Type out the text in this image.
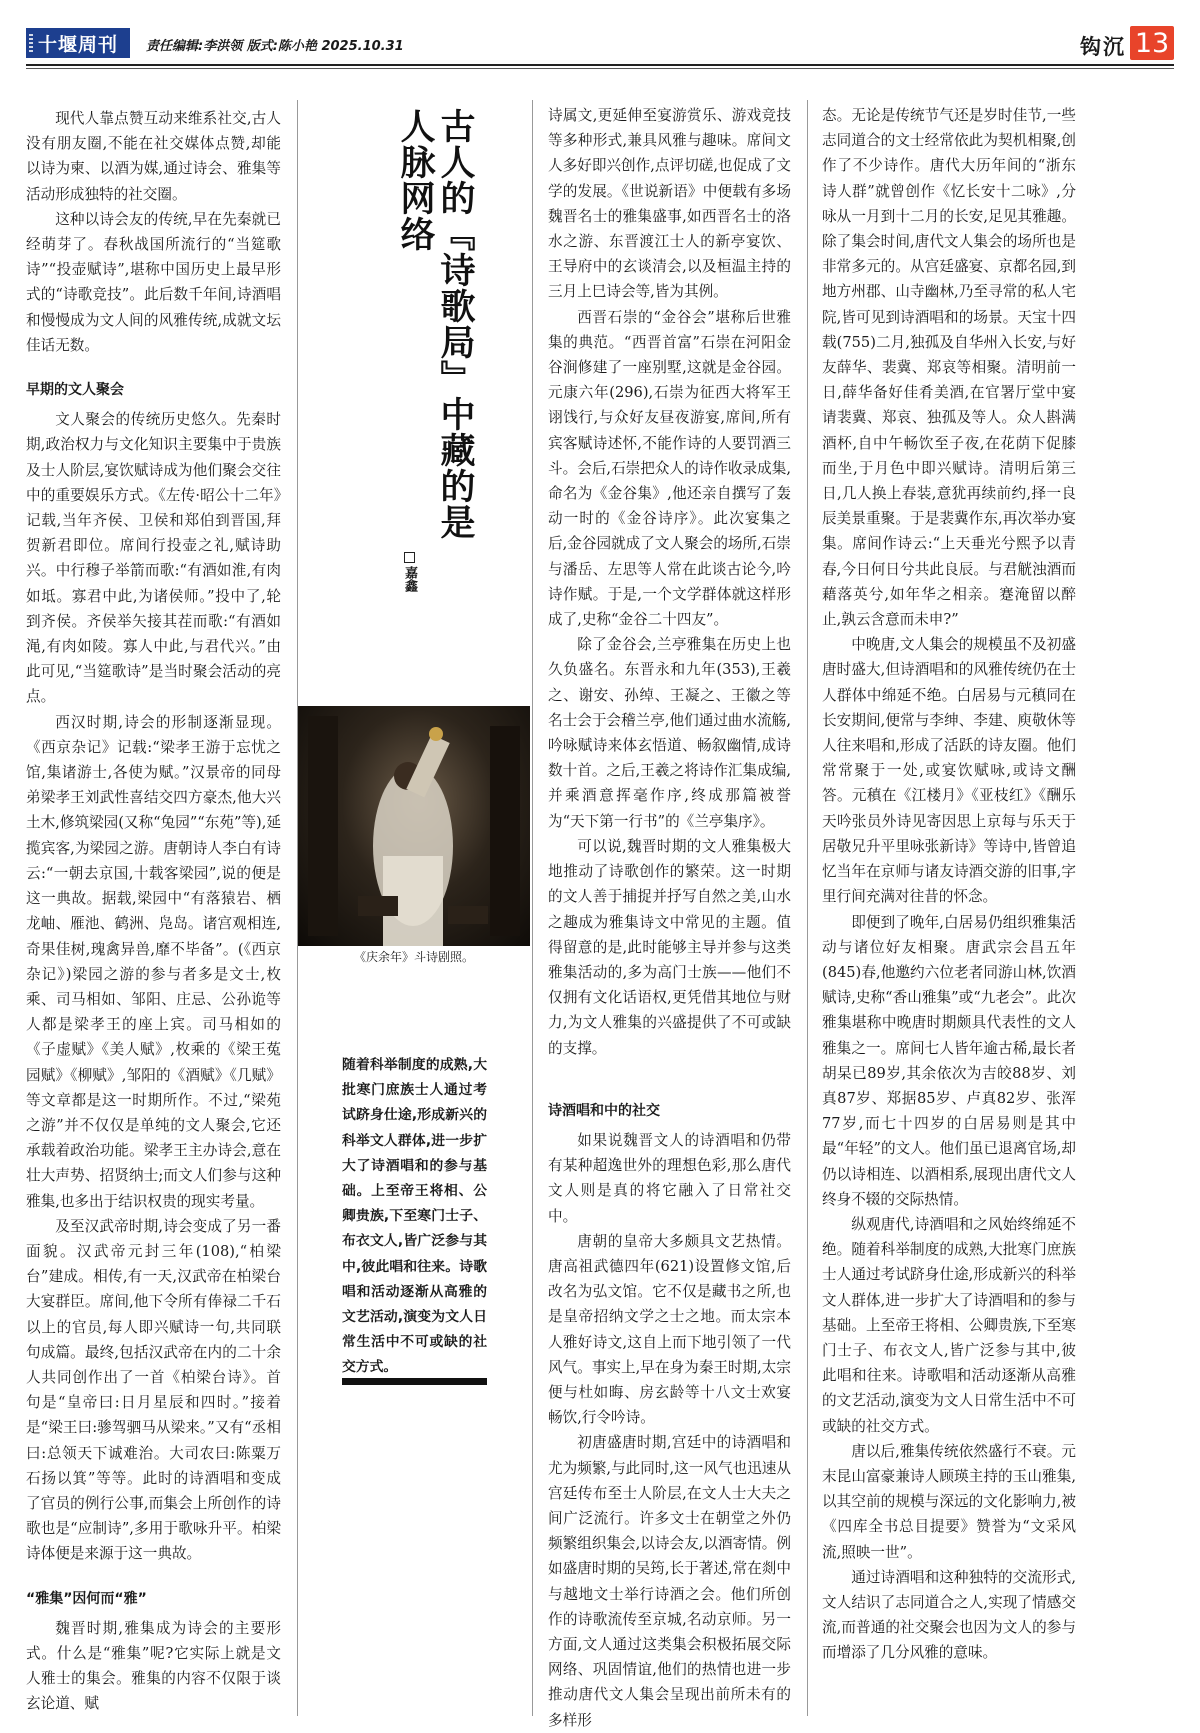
十堰周刊 责任编辑:李洪领 版式:陈小艳 2025.10.31	钩沉 13

现代人靠点赞互动来维系社交,古人没有朋友圈,不能在社交媒体点赞,却能以诗为柬、以酒为媒,通过诗会、雅集等活动形成独特的社交圈。

这种以诗会友的传统,早在先秦就已经萌芽了。春秋战国所流行的“当筵歌诗”“投壶赋诗”,堪称中国历史上最早形式的“诗歌竞技”。此后数千年间,诗酒唱和慢慢成为文人间的风雅传统,成就文坛佳话无数。

早期的文人聚会

文人聚会的传统历史悠久。先秦时期,政治权力与文化知识主要集中于贵族及士人阶层,宴饮赋诗成为他们聚会交往中的重要娱乐方式。《左传·昭公十二年》记载,当年齐侯、卫侯和郑伯到晋国,拜贺新君即位。席间行投壶之礼,赋诗助兴。中行穆子举箭而歌:“有酒如淮,有肉如坻。寡君中此,为诸侯师。”投中了,轮到齐侯。齐侯举矢接其茬而歌:“有酒如渑,有肉如陵。寡人中此,与君代兴。”由此可见,“当筵歌诗”是当时聚会活动的亮点。

西汉时期,诗会的形制逐渐显现。《西京杂记》记载:“梁孝王游于忘忧之馆,集诸游士,各使为赋。”汉景帝的同母弟梁孝王刘武性喜结交四方豪杰,他大兴土木,修筑梁园(又称“兔园”“东苑”等),延揽宾客,为梁园之游。唐朝诗人李白有诗云:“一朝去京国,十载客梁园”,说的便是这一典故。据载,梁园中“有落猿岩、栖龙岫、雁池、鹤洲、凫岛。诸宫观相连,奇果佳树,瑰禽异兽,靡不毕备”。(《西京杂记》)梁园之游的参与者多是文士,枚乘、司马相如、邹阳、庄忌、公孙诡等人都是梁孝王的座上宾。司马相如的《子虚赋》《美人赋》,枚乘的《梁王菟园赋》《柳赋》,邹阳的《酒赋》《几赋》等文章都是这一时期所作。不过,“梁苑之游”并不仅仅是单纯的文人聚会,它还承载着政治功能。梁孝王主办诗会,意在壮大声势、招贤纳士;而文人们参与这种雅集,也多出于结识权贵的现实考量。

及至汉武帝时期,诗会变成了另一番面貌。汉武帝元封三年(108),“柏梁台”建成。相传,有一天,汉武帝在柏梁台大宴群臣。席间,他下令所有俸禄二千石以上的官员,每人即兴赋诗一句,共同联句成篇。最终,包括汉武帝在内的二十余人共同创作出了一首《柏梁台诗》。首句是“皇帝曰:日月星辰和四时。”接着是“梁王曰:骖驾驷马从梁来。”又有“丞相曰:总领天下诚难治。大司农曰:陈粟万石扬以箕”等等。此时的诗酒唱和变成了官员的例行公事,而集会上所创作的诗歌也是“应制诗”,多用于歌咏升平。柏梁诗体便是来源于这一典故。

“雅集”因何而“雅”

魏晋时期,雅集成为诗会的主要形式。什么是“雅集”呢?它实际上就是文人雅士的集会。雅集的内容不仅限于谈玄论道、赋

古人的『诗歌局』中藏的是人脉网络
嘉鑫
《庆余年》斗诗剧照。
随着科举制度的成熟,大批寒门庶族士人通过考试跻身仕途,形成新兴的科举文人群体,进一步扩大了诗酒唱和的参与基础。上至帝王将相、公卿贵族,下至寒门士子、布衣文人,皆广泛参与其中,彼此唱和往来。诗歌唱和活动逐渐从高雅的文艺活动,演变为文人日常生活中不可或缺的社交方式。

诗属文,更延伸至宴游赏乐、游戏竞技等多种形式,兼具风雅与趣味。席间文人多好即兴创作,点评切磋,也促成了文学的发展。《世说新语》中便载有多场魏晋名士的雅集盛事,如西晋名士的洛水之游、东晋渡江士人的新亭宴饮、王导府中的玄谈清会,以及桓温主持的三月上巳诗会等,皆为其例。

西晋石崇的“金谷会”堪称后世雅集的典范。“西晋首富”石崇在河阳金谷涧修建了一座别墅,这就是金谷园。元康六年(296),石崇为征西大将军王诩饯行,与众好友昼夜游宴,席间,所有宾客赋诗述怀,不能作诗的人要罚酒三斗。会后,石崇把众人的诗作收录成集,命名为《金谷集》,他还亲自撰写了轰动一时的《金谷诗序》。此次宴集之后,金谷园就成了文人聚会的场所,石崇与潘岳、左思等人常在此谈古论今,吟诗作赋。于是,一个文学群体就这样形成了,史称“金谷二十四友”。

除了金谷会,兰亭雅集在历史上也久负盛名。东晋永和九年(353),王羲之、谢安、孙绰、王凝之、王徽之等名士会于会稽兰亭,他们通过曲水流觞,吟咏赋诗来体玄悟道、畅叙幽情,成诗数十首。之后,王羲之将诗作汇集成编,并乘酒意挥毫作序,终成那篇被誉为“天下第一行书”的《兰亭集序》。

可以说,魏晋时期的文人雅集极大地推动了诗歌创作的繁荣。这一时期的文人善于捕捉并抒写自然之美,山水之趣成为雅集诗文中常见的主题。值得留意的是,此时能够主导并参与这类雅集活动的,多为高门士族——他们不仅拥有文化话语权,更凭借其地位与财力,为文人雅集的兴盛提供了不可或缺的支撑。

诗酒唱和中的社交

如果说魏晋文人的诗酒唱和仍带有某种超逸世外的理想色彩,那么唐代文人则是真的将它融入了日常社交中。

唐朝的皇帝大多颇具文艺热情。唐高祖武德四年(621)设置修文馆,后改名为弘文馆。它不仅是藏书之所,也是皇帝招纳文学之士之地。而太宗本人雅好诗文,这自上而下地引领了一代风气。事实上,早在身为秦王时期,太宗便与杜如晦、房玄龄等十八文士欢宴畅饮,行令吟诗。

初唐盛唐时期,宫廷中的诗酒唱和尤为频繁,与此同时,这一风气也迅速从宫廷传布至士人阶层,在文人士大夫之间广泛流行。许多文士在朝堂之外仍频繁组织集会,以诗会友,以酒寄情。例如盛唐时期的吴筠,长于著述,常在剡中与越地文士举行诗酒之会。他们所创作的诗歌流传至京城,名动京师。另一方面,文人通过这类集会积极拓展交际网络、巩固情谊,他们的热情也进一步推动唐代文人集会呈现出前所未有的多样形

态。无论是传统节气还是岁时佳节,一些志同道合的文士经常依此为契机相聚,创作了不少诗作。唐代大历年间的“浙东诗人群”就曾创作《忆长安十二咏》,分咏从一月到十二月的长安,足见其雅趣。除了集会时间,唐代文人集会的场所也是非常多元的。从宫廷盛宴、京都名园,到地方州郡、山寺幽林,乃至寻常的私人宅院,皆可见到诗酒唱和的场景。天宝十四载(755)二月,独孤及自华州入长安,与好友薛华、裴冀、郑哀等相聚。清明前一日,薛华备好佳肴美酒,在官署厅堂中宴请裴冀、郑哀、独孤及等人。众人斟满酒杯,自中午畅饮至子夜,在花荫下促膝而坐,于月色中即兴赋诗。清明后第三日,几人换上春装,意犹再续前约,择一良辰美景重聚。于是裴冀作东,再次举办宴集。席间作诗云:“上天垂光兮熙予以青春,今日何日兮共此良辰。与君觥浊酒而藉落英兮,如年华之相亲。蹇淹留以醉止,孰云含意而未申?”

中晚唐,文人集会的规模虽不及初盛唐时盛大,但诗酒唱和的风雅传统仍在士人群体中绵延不绝。白居易与元稹同在长安期间,便常与李绅、李建、庾敬休等人往来唱和,形成了活跃的诗友圈。他们常常聚于一处,或宴饮赋咏,或诗文酬答。元稹在《江楼月》《亚枝红》《酬乐天吟张员外诗见寄因思上京每与乐天于居敬兄升平里咏张新诗》等诗中,皆曾追忆当年在京师与诸友诗酒交游的旧事,字里行间充满对往昔的怀念。

即便到了晚年,白居易仍组织雅集活动与诸位好友相聚。唐武宗会昌五年(845)春,他邀约六位老者同游山林,饮酒赋诗,史称“香山雅集”或“九老会”。此次雅集堪称中晚唐时期颇具代表性的文人雅集之一。席间七人皆年逾古稀,最长者胡杲已89岁,其余依次为吉皎88岁、刘真87岁、郑据85岁、卢真82岁、张浑77岁,而七十四岁的白居易则是其中最“年轻”的文人。他们虽已退离官场,却仍以诗相连、以酒相系,展现出唐代文人终身不辍的交际热情。

纵观唐代,诗酒唱和之风始终绵延不绝。随着科举制度的成熟,大批寒门庶族士人通过考试跻身仕途,形成新兴的科举文人群体,进一步扩大了诗酒唱和的参与基础。上至帝王将相、公卿贵族,下至寒门士子、布衣文人,皆广泛参与其中,彼此唱和往来。诗歌唱和活动逐渐从高雅的文艺活动,演变为文人日常生活中不可或缺的社交方式。

唐以后,雅集传统依然盛行不衰。元末昆山富豪兼诗人顾瑛主持的玉山雅集,以其空前的规模与深远的文化影响力,被《四库全书总目提要》赞誉为“文采风流,照映一世”。

通过诗酒唱和这种独特的交流形式,文人结识了志同道合之人,实现了情感交流,而普通的社交聚会也因为文人的参与而增添了几分风雅的意味。
